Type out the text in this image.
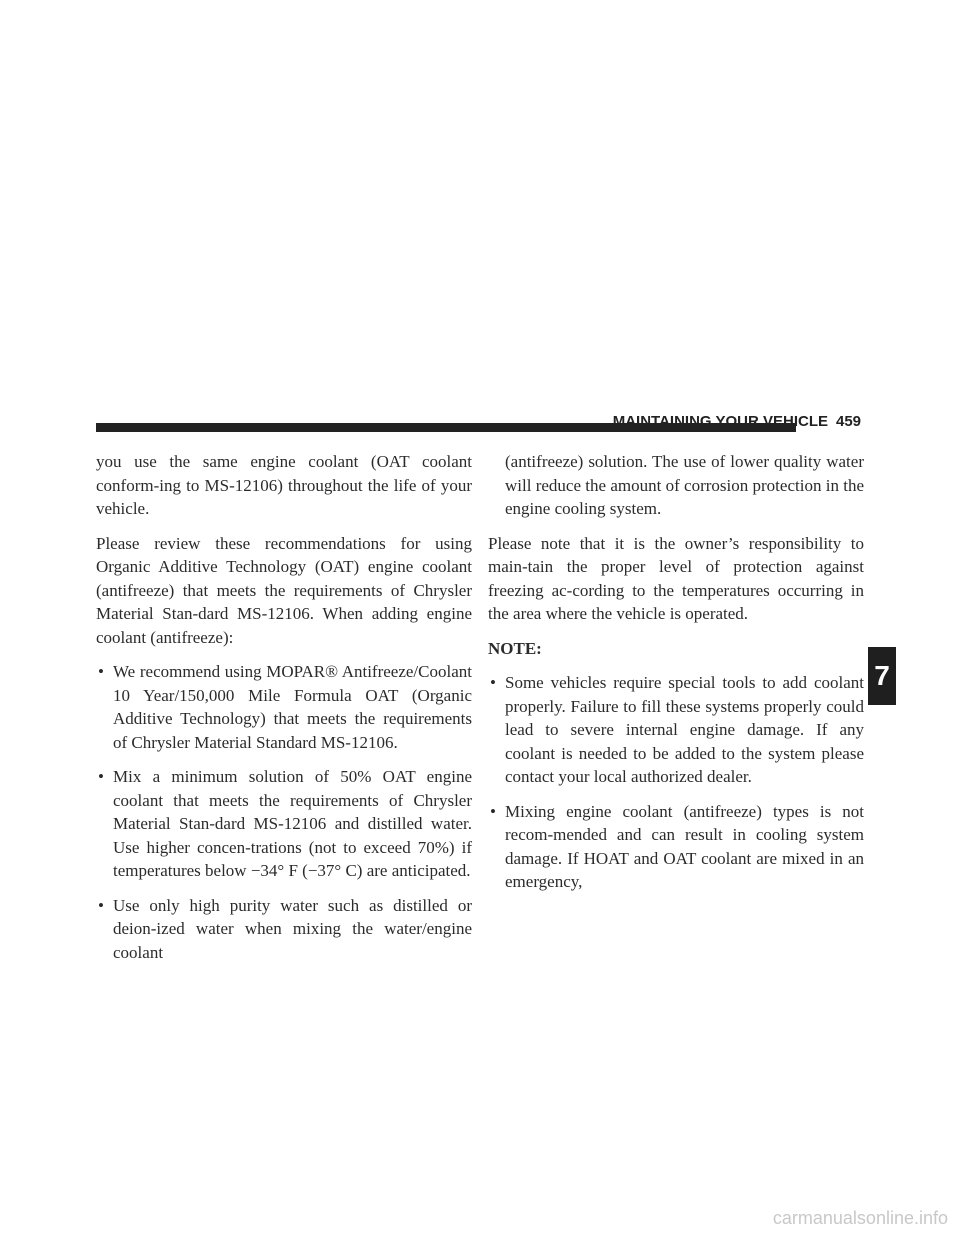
MAINTAINING YOUR VEHICLE 459

you use the same engine coolant (OAT coolant conform-ing to MS-12106) throughout the life of your vehicle.

Please review these recommendations for using Organic Additive Technology (OAT) engine coolant (antifreeze) that meets the requirements of Chrysler Material Stan-dard MS-12106. When adding engine coolant (antifreeze):

• We recommend using MOPAR® Antifreeze/Coolant 10 Year/150,000 Mile Formula OAT (Organic Additive Technology) that meets the requirements of Chrysler Material Standard MS-12106.
• Mix a minimum solution of 50% OAT engine coolant that meets the requirements of Chrysler Material Stan-dard MS-12106 and distilled water. Use higher concen-trations (not to exceed 70%) if temperatures below −34° F (−37° C) are anticipated.
• Use only high purity water such as distilled or deion-ized water when mixing the water/engine coolant
(antifreeze) solution. The use of lower quality water will reduce the amount of corrosion protection in the engine cooling system.

Please note that it is the owner’s responsibility to main-tain the proper level of protection against freezing ac-cording to the temperatures occurring in the area where the vehicle is operated.

NOTE:
• Some vehicles require special tools to add coolant properly. Failure to fill these systems properly could lead to severe internal engine damage. If any coolant is needed to be added to the system please contact your local authorized dealer.
• Mixing engine coolant (antifreeze) types is not recom-mended and can result in cooling system damage. If HOAT and OAT coolant are mixed in an emergency,
7
carmanualsonline.info
